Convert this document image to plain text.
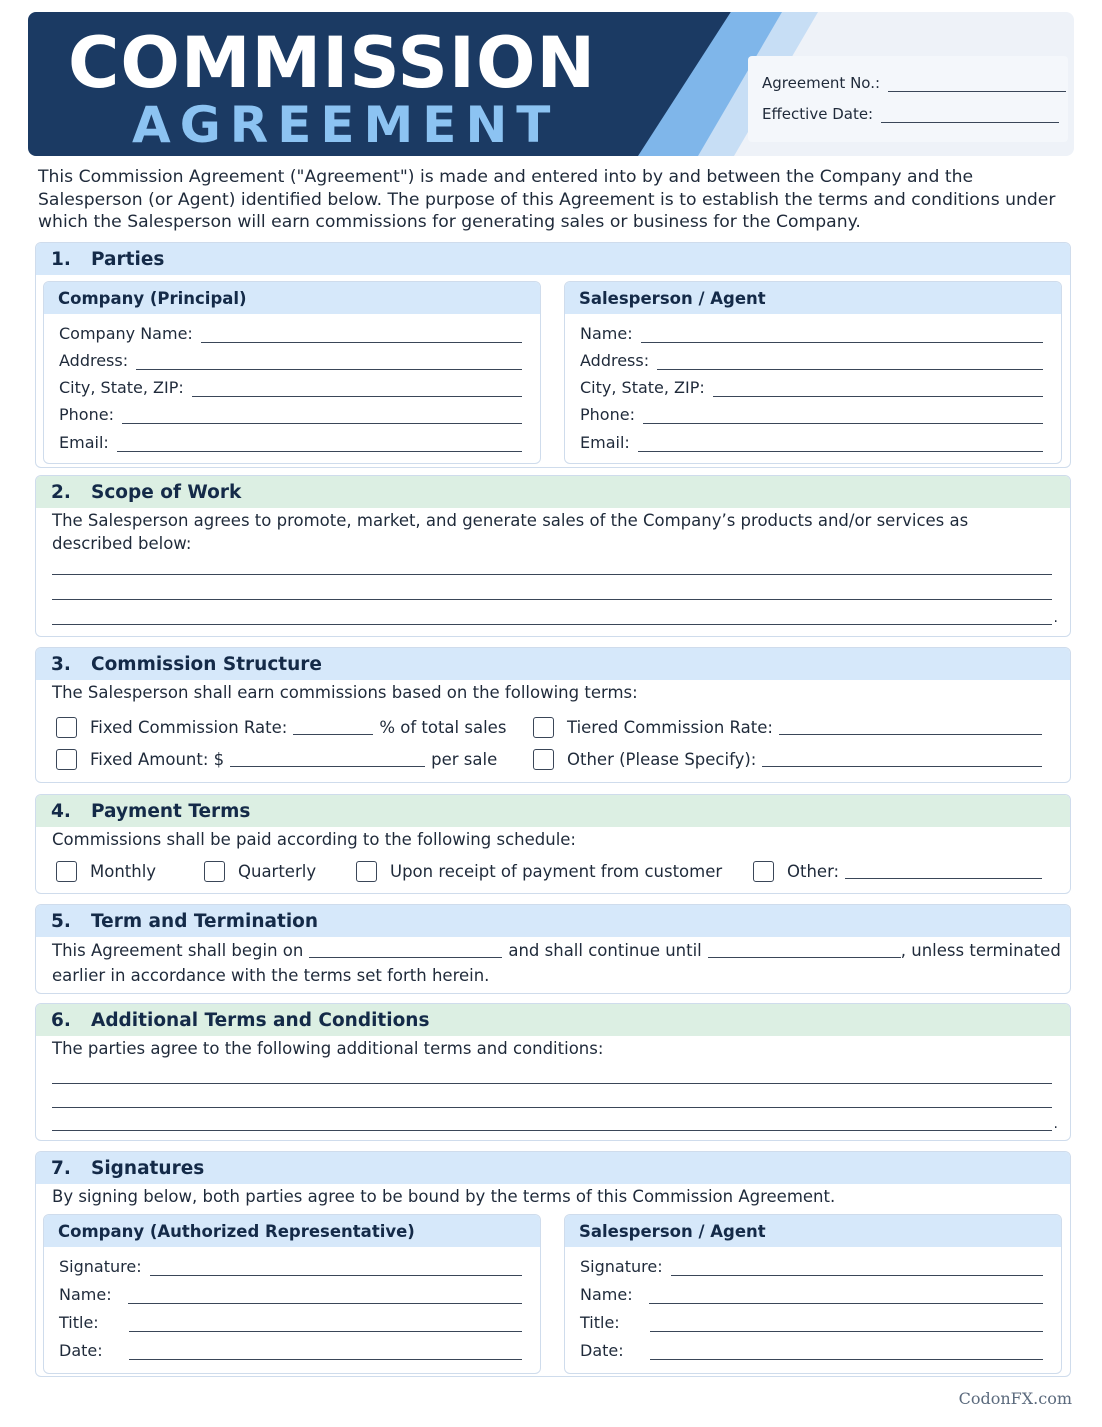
COMMISSION
AGREEMENT
Agreement No.:
Effective Date:
This Commission Agreement ("Agreement") is made and entered into by and between the Company and the Salesperson (or Agent) identified below. The purpose of this Agreement is to establish the terms and conditions under which the Salesperson will earn commissions for generating sales or business for the Company.
1.	Parties
Company (Principal)
Company Name:
Address:
City, State, ZIP:
Phone:
Email:
Salesperson / Agent
Name:
Address:
City, State, ZIP:
Phone:
Email:
2.	Scope of Work
The Salesperson agrees to promote, market, and generate sales of the Company’s products and/or services as described below:
.
3.	Commission Structure
The Salesperson shall earn commissions based on the following terms:
Fixed Commission Rate:	% of total sales	Tiered Commission Rate:
Fixed Amount: $	per sale	Other (Please Specify):
4.	Payment Terms
Commissions shall be paid according to the following schedule:
Monthly	Quarterly	Upon receipt of payment from customer	Other:
5.	Term and Termination
This Agreement shall begin on	and shall continue until	, unless terminated
earlier in accordance with the terms set forth herein.
6.	Additional Terms and Conditions
The parties agree to the following additional terms and conditions:
.
7.	Signatures
By signing below, both parties agree to be bound by the terms of this Commission Agreement.
Company (Authorized Representative)
Signature:
Name:
Title:
Date:
Salesperson / Agent
Signature:
Name:
Title:
Date:
CodonFX.com
